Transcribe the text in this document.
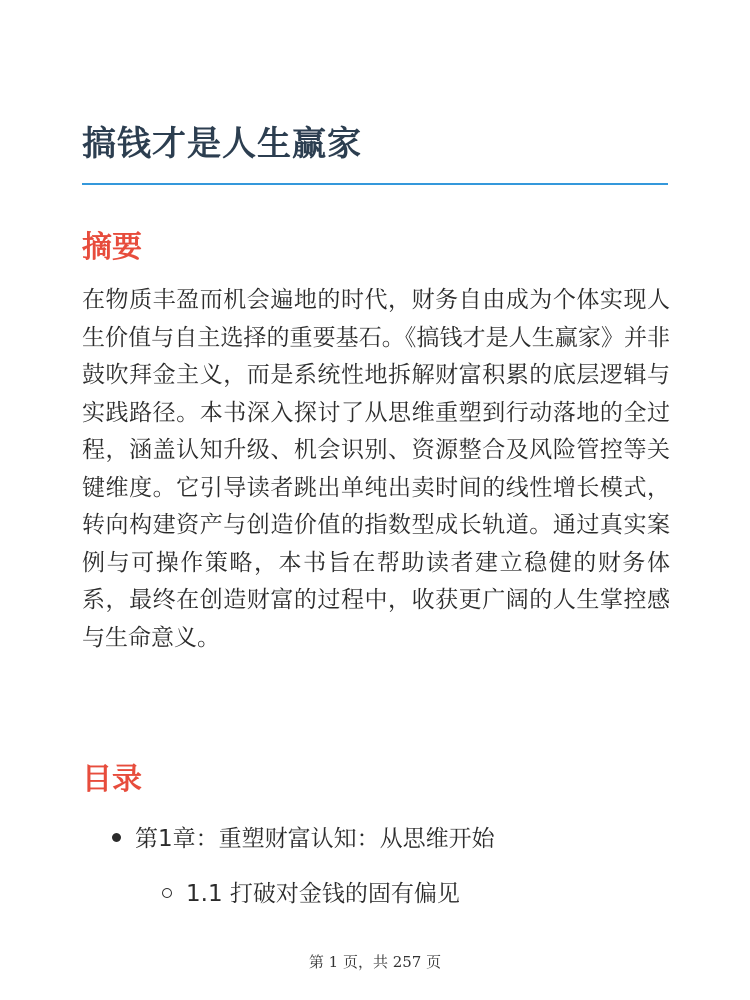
搞钱才是人生赢家
摘要

在物质丰盈而机会遍地的时代，财务自由成为个体实现人生价值与自主选择的重要基石。《搞钱才是人生赢家》并非鼓吹拜金主义，而是系统性地拆解财富积累的底层逻辑与实践路径。本书深入探讨了从思维重塑到行动落地的全过程，涵盖认知升级、机会识别、资源整合及风险管控等关键维度。它引导读者跳出单纯出卖时间的线性增长模式，转向构建资产与创造价值的指数型成长轨道。通过真实案例与可操作策略，本书旨在帮助读者建立稳健的财务体系，最终在创造财富的过程中，收获更广阔的人生掌控感与生命意义。

目录
第1章：重塑财富认知：从思维开始
1.1 打破对金钱的固有偏见
第 1 页，共 257 页
